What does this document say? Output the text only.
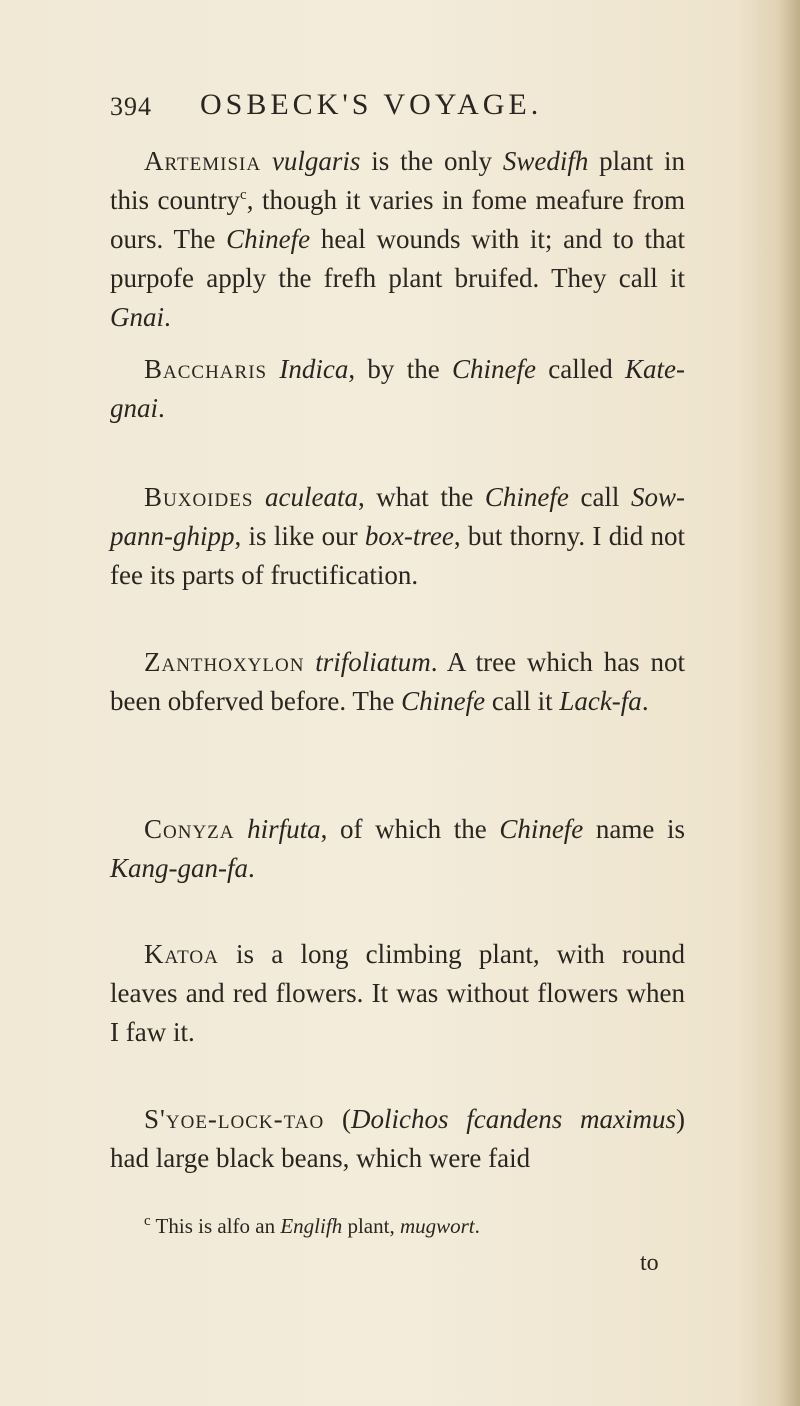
394 OSBECK'S VOYAGE.

Artemisia vulgaris is the only Swedifh plant in this country$^c$, though it varies in fome meafure from ours. The Chinefe heal wounds with it; and to that purpofe apply the frefh plant bruifed. They call it Gnai.

Baccharis Indica, by the Chinefe called Kate-gnai.

Buxoides aculeata, what the Chinefe call Sow-pann-ghipp, is like our box-tree, but thorny. I did not fee its parts of fructification.

Zanthoxylon trifoliatum. A tree which has not been obferved before. The Chinefe call it Lack-fa.

Conyza hirfuta, of which the Chinefe name is Kang-gan-fa.

Katoa is a long climbing plant, with round leaves and red flowers. It was without flowers when I faw it.

S'yoe-lock-tao (Dolichos fcandens maximus) had large black beans, which were faid

$^c$ This is alfo an Englifh plant, mugwort.

to
